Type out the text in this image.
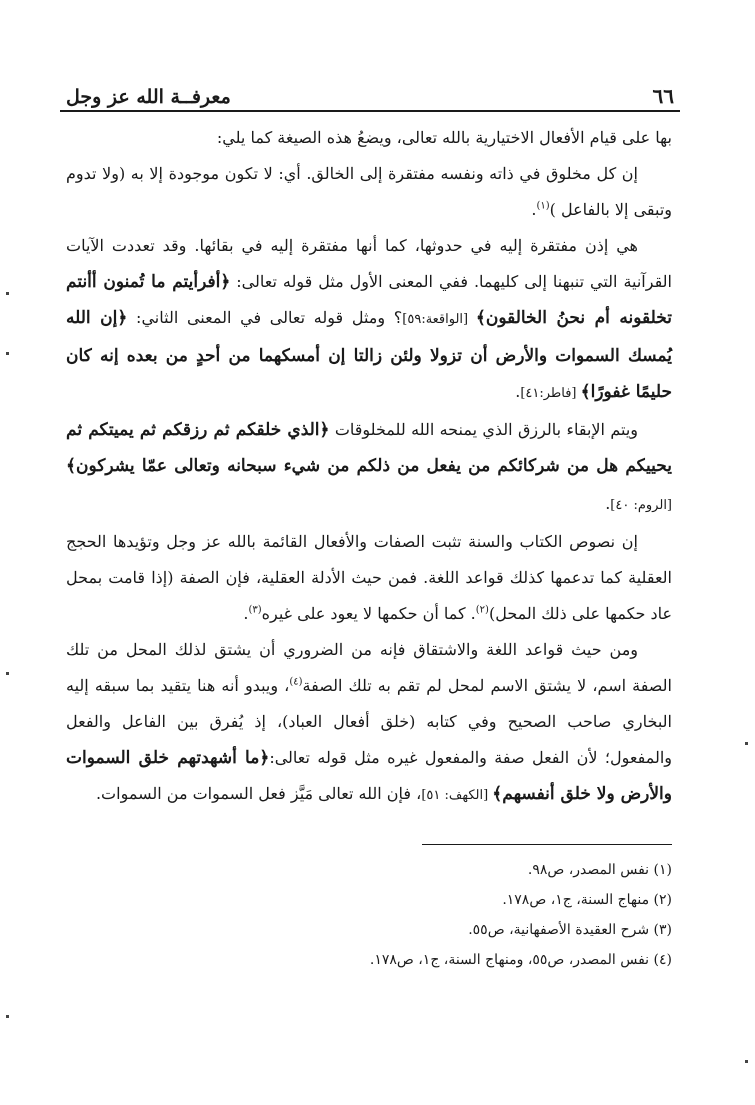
٦٦
معرفــة الله عز وجل

بها على قيام الأفعال الاختيارية بالله تعالى، ويضعُ هذه الصيغة كما يلي:

إن كل مخلوق في ذاته ونفسه مفتقرة إلى الخالق. أي: لا تكون موجودة إلا به (ولا تدوم وتبقى إلا بالفاعل )$^{(١)}$.

هي إذن مفتقرة إليه في حدوثها، كما أنها مفتقرة إليه في بقائها. وقد تعددت الآيات القرآنية التي تنبهنا إلى كليهما. ففي المعنى الأول مثل قوله تعالى: ﴿أفرأيتم ما تُمنون أأنتم تخلقونه أم نحنُ الخالقون﴾ [الواقعة:٥٩]؟ ومثل قوله تعالى في المعنى الثاني: ﴿إن الله يُمسك السموات والأرض أن تزولا ولئن زالتا إن أمسكهما من أحدٍ من بعده إنه كان حليمًا غفورًا﴾ [فاطر:٤١].

ويتم الإبقاء بالرزق الذي يمنحه الله للمخلوقات ﴿الذي خلقكم ثم رزقكم ثم يميتكم ثم يحييكم هل من شركائكم من يفعل من ذلكم من شيء سبحانه وتعالى عمّا يشركون﴾ [الروم: ٤٠].

إن نصوص الكتاب والسنة تثبت الصفات والأفعال القائمة بالله عز وجل وتؤيدها الحجج العقلية كما تدعمها كذلك قواعد اللغة. فمن حيث الأدلة العقلية، فإن الصفة (إذا قامت بمحل عاد حكمها على ذلك المحل)$^{(٢)}$. كما أن حكمها لا يعود على غيره$^{(٣)}$.

ومن حيث قواعد اللغة والاشتقاق فإنه من الضروري أن يشتق لذلك المحل من تلك الصفة اسم، لا يشتق الاسم لمحل لم تقم به تلك الصفة$^{(٤)}$، ويبدو أنه هنا يتقيد بما سبقه إليه البخاري صاحب الصحيح وفي كتابه (خلق أفعال العباد)، إذ يُفرق بين الفاعل والفعل والمفعول؛ لأن الفعل صفة والمفعول غيره مثل قوله تعالى:﴿ما أشهدتهم خلق السموات والأرض ولا خلق أنفسهم﴾ [الكهف: ٥١]، فإن الله تعالى مَيَّز فعل السموات من السموات.

(١) نفس المصدر، ص٩٨.
(٢) منهاج السنة، ج١، ص١٧٨.
(٣) شرح العقيدة الأصفهانية، ص٥٥.
(٤) نفس المصدر، ص٥٥، ومنهاج السنة، ج١، ص١٧٨.
